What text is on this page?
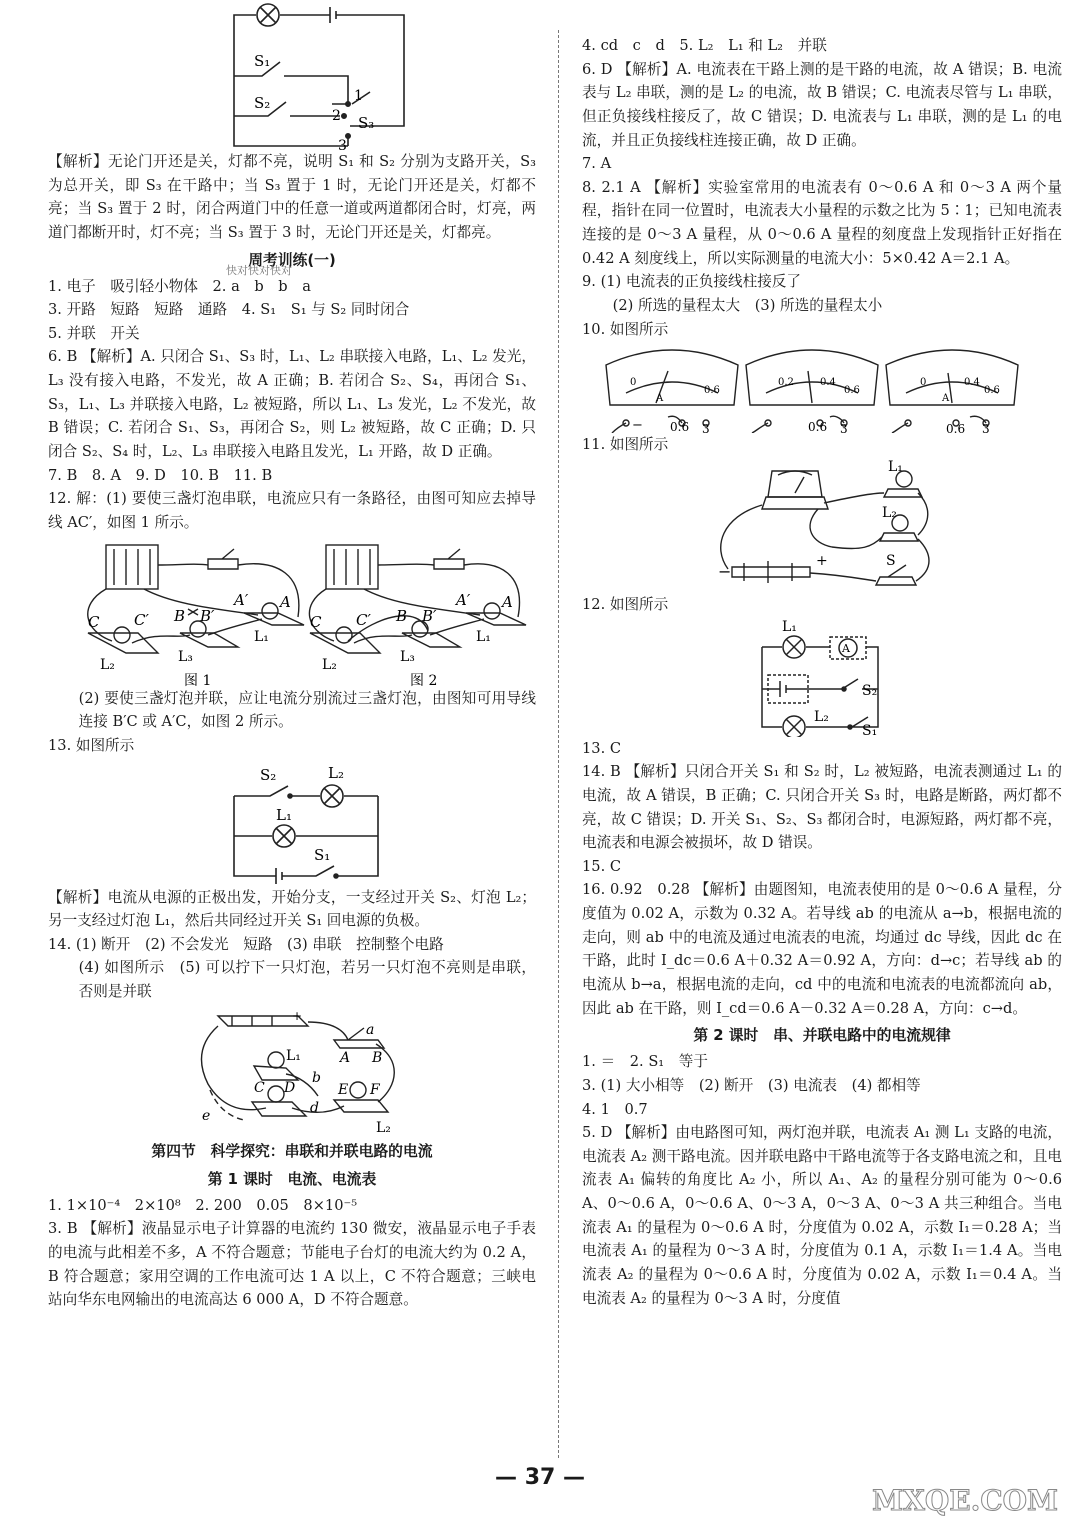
S₁
S₂
S₃
1
2
3

【解析】无论门开还是关，灯都不亮，说明 S₁ 和 S₂ 分别为支路开关，S₃ 为总开关，即 S₃ 在干路中；当 S₃ 置于 1 时，无论门开还是关，灯都不亮；当 S₃ 置于 2 时，闭合两道门中的任意一道或两道都闭合时，灯亮，两道门都断开时，灯不亮；当 S₃ 置于 3 时，无论门开还是关，灯都亮。

周考训练(一)

1. 电子　吸引轻小物体　2. a　b　b　a

3. 开路　短路　短路　通路　4. S₁　S₁ 与 S₂ 同时闭合

5. 并联　开关

6. B 【解析】A. 只闭合 S₁、S₃ 时，L₁、L₂ 串联接入电路，L₁、L₂ 发光，L₃ 没有接入电路，不发光，故 A 正确；B. 若闭合 S₂、S₄，再闭合 S₁、S₃，L₁、L₃ 并联接入电路，L₂ 被短路，所以 L₁、L₃ 发光，L₂ 不发光，故 B 错误；C. 若闭合 S₁、S₃，再闭合 S₂，则 L₂ 被短路，故 C 正确；D. 只闭合 S₂、S₄ 时，L₂、L₃ 串联接入电路且发光，L₁ 开路，故 D 正确。

7. B　8. A　9. D　10. B　11. B

12. 解：(1) 要使三盏灯泡串联，电流应只有一条路径，由图可知应去掉导线 AC′，如图 1 所示。

C C′ B B′
A′ A
L₁
L₂	L₃
图 1
C C′ B B′
A′ A
L₁
L₂	L₃
图 2

(2) 要使三盏灯泡并联，应让电流分别流过三盏灯泡，由图知可用导线连接 B′C 或 A′C，如图 2 所示。

13. 如图所示

S₂	L₂
L₁
S₁

【解析】电流从电源的正极出发，开始分支，一支经过开关 S₂、灯泡 L₂；另一支经过灯泡 L₁，然后共同经过开关 S₁ 回电源的负极。

14. (1) 断开　(2) 不会发光　短路　(3) 串联　控制整个电路

(4) 如图所示　(5) 可以拧下一只灯泡，若另一只灯泡不亮则是串联，否则是并联

+
a
A B
L₁
b
C D	E F
d
e
L₂
第四节　科学探究：串联和并联电路的电流
第 1 课时　电流、电流表

1. 1×10⁻⁴　2×10⁸　2. 200　0.05　8×10⁻⁵

3. B 【解析】液晶显示电子计算器的电流约 130 微安，液晶显示电子手表的电流与此相差不多，A 不符合题意；节能电子台灯的电流大约为 0.2 A，B 符合题意；家用空调的工作电流可达 1 A 以上，C 不符合题意；三峡电站向华东电网输出的电流高达 6 000 A，D 不符合题意。

4. cd　c　d　5. L₂　L₁ 和 L₂　并联

6. D 【解析】A. 电流表在干路上测的是干路的电流，故 A 错误；B. 电流表与 L₂ 串联，测的是 L₂ 的电流，故 B 错误；C. 电流表尽管与 L₁ 串联，但正负接线柱接反了，故 C 错误；D. 电流表与 L₁ 串联，测的是 L₁ 的电流，并且正负接线柱连接正确，故 D 正确。

7. A

8. 2.1 A 【解析】实验室常用的电流表有 0～0.6 A 和 0～3 A 两个量程，指针在同一位置时，电流表大小量程的示数之比为 5∶1；已知电流表连接的是 0～3 A 量程，从 0～0.6 A 量程的刻度盘上发现指针正好指在 0.42 A 刻度线上，所以实际测量的电流大小：5×0.42 A＝2.1 A。

9. (1) 电流表的正负接线柱接反了

(2) 所选的量程太大　(3) 所选的量程太小

10. 如图所示

0
0.6
A
0.2	0.4
0.6
0	0.4
0.6
A
− 0.6 3	0.6 3	0.6 3

11. 如图所示

L₁
L₂
S
−
+

12. 如图所示

A
L₁
L₂
S₂
S₁

13. C

14. B 【解析】只闭合开关 S₁ 和 S₂ 时，L₂ 被短路，电流表测通过 L₁ 的电流，故 A 错误，B 正确；C. 只闭合开关 S₃ 时，电路是断路，两灯都不亮，故 C 错误；D. 开关 S₁、S₂、S₃ 都闭合时，电源短路，两灯都不亮，电流表和电源会被损坏，故 D 错误。

15. C

16. 0.92　0.28 【解析】由题图知，电流表使用的是 0～0.6 A 量程，分度值为 0.02 A，示数为 0.32 A。若导线 ab 的电流从 a→b，根据电流的走向，则 ab 中的电流及通过电流表的电流，均通过 dc 导线，因此 dc 在干路，此时 I_dc＝0.6 A＋0.32 A＝0.92 A，方向：d→c；若导线 ab 的电流从 b→a，根据电流的走向，cd 中的电流和电流表的电流都流向 ab，因此 ab 在干路，则 I_cd＝0.6 A－0.32 A＝0.28 A，方向：c→d。

第 2 课时　串、并联电路中的电流规律

1. ＝　2. S₁　等于

3. (1) 大小相等　(2) 断开　(3) 电流表　(4) 都相等

4. 1　0.7

5. D 【解析】由电路图可知，两灯泡并联，电流表 A₁ 测 L₁ 支路的电流，电流表 A₂ 测干路电流。因并联电路中干路电流等于各支路电流之和，且电流表 A₁ 偏转的角度比 A₂ 小，所以 A₁、A₂ 的量程分别可能为 0～0.6 A、0～0.6 A，0～0.6 A、0～3 A，0～3 A、0～3 A 共三种组合。当电流表 A₁ 的量程为 0～0.6 A 时，分度值为 0.02 A，示数 I₁＝0.28 A；当电流表 A₁ 的量程为 0～3 A 时，分度值为 0.1 A，示数 I₁＝1.4 A。当电流表 A₂ 的量程为 0～0.6 A 时，分度值为 0.02 A，示数 I₁＝0.4 A。当电流表 A₂ 的量程为 0～3 A 时，分度值

快对快对快对
— 37 —
MXQE.COM
